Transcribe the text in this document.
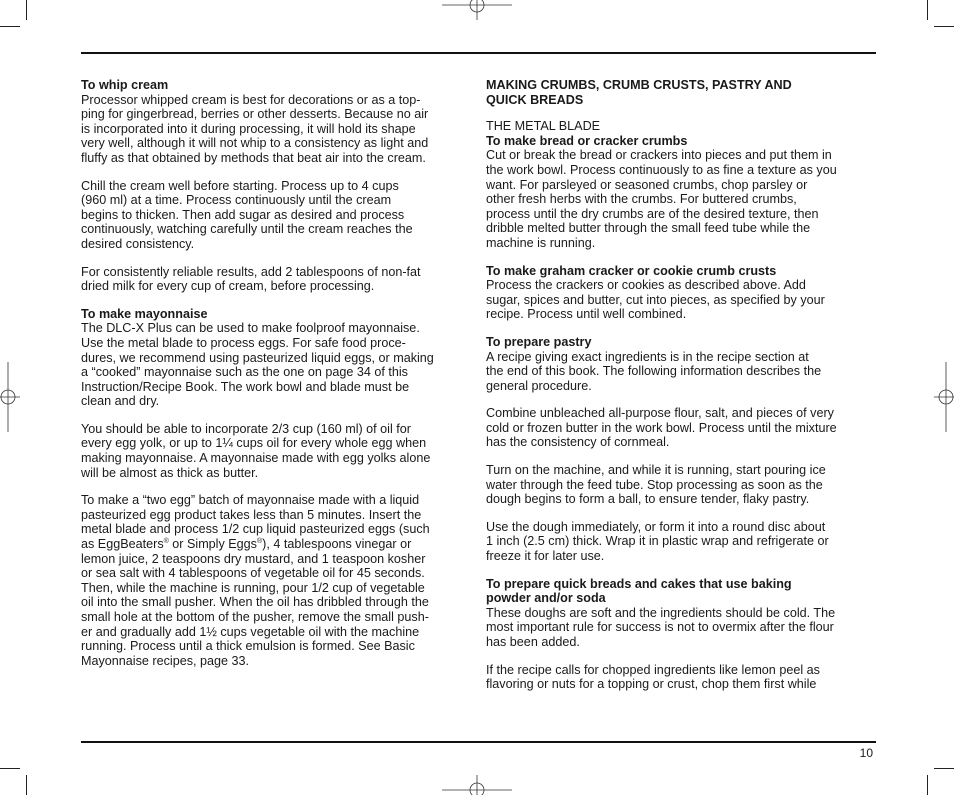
To whip cream

Processor whipped cream is best for decorations or as a top-
ping for gingerbread, berries or other desserts. Because no air
is incorporated into it during processing, it will hold its shape
very well, although it will not whip to a consistency as light and
fluffy as that obtained by methods that beat air into the cream.

Chill the cream well before starting. Process up to 4 cups
(960 ml) at a time. Process continuously until the cream
begins to thicken. Then add sugar as desired and process
continuously, watching carefully until the cream reaches the
desired consistency.

For consistently reliable results, add 2 tablespoons of non-fat
dried milk for every cup of cream, before processing.

To make mayonnaise

The DLC-X Plus can be used to make foolproof mayonnaise.
Use the metal blade to process eggs. For safe food proce-
dures, we recommend using pasteurized liquid eggs, or making
a “cooked” mayonnaise such as the one on page 34 of this
Instruction/Recipe Book. The work bowl and blade must be
clean and dry.

You should be able to incorporate 2/3 cup (160 ml) of oil for
every egg yolk, or up to 1¼ cups oil for every whole egg when
making mayonnaise. A mayonnaise made with egg yolks alone
will be almost as thick as butter.

To make a “two egg” batch of mayonnaise made with a liquid
pasteurized egg product takes less than 5 minutes. Insert the
metal blade and process 1/2 cup liquid pasteurized eggs (such
as EggBeaters® or Simply Eggs®), 4 tablespoons vinegar or
lemon juice, 2 teaspoons dry mustard, and 1 teaspoon kosher
or sea salt with 4 tablespoons of vegetable oil for 45 seconds.
Then, while the machine is running, pour 1/2 cup of vegetable
oil into the small pusher. When the oil has dribbled through the
small hole at the bottom of the pusher, remove the small push-
er and gradually add 1½ cups vegetable oil with the machine
running. Process until a thick emulsion is formed. See Basic
Mayonnaise recipes, page 33.

MAKING CRUMBS, CRUMB CRUSTS, PASTRY AND
QUICK BREADS

THE METAL BLADE

To make bread or cracker crumbs

Cut or break the bread or crackers into pieces and put them in
the work bowl. Process continuously to as fine a texture as you
want. For parsleyed or seasoned crumbs, chop parsley or
other fresh herbs with the crumbs. For buttered crumbs,
process until the dry crumbs are of the desired texture, then
dribble melted butter through the small feed tube while the
machine is running.

To make graham cracker or cookie crumb crusts

Process the crackers or cookies as described above. Add
sugar, spices and butter, cut into pieces, as specified by your
recipe. Process until well combined.

To prepare pastry

A recipe giving exact ingredients is in the recipe section at
the end of this book. The following information describes the
general procedure.

Combine unbleached all-purpose flour, salt, and pieces of very
cold or frozen butter in the work bowl. Process until the mixture
has the consistency of cornmeal.

Turn on the machine, and while it is running, start pouring ice
water through the feed tube. Stop processing as soon as the
dough begins to form a ball, to ensure tender, flaky pastry.

Use the dough immediately, or form it into a round disc about
1 inch (2.5 cm) thick. Wrap it in plastic wrap and refrigerate or
freeze it for later use.

To prepare quick breads and cakes that use baking
powder and/or soda

These doughs are soft and the ingredients should be cold. The
most important rule for success is not to overmix after the flour
has been added.

If the recipe calls for chopped ingredients like lemon peel as
flavoring or nuts for a topping or crust, chop them first while

10
